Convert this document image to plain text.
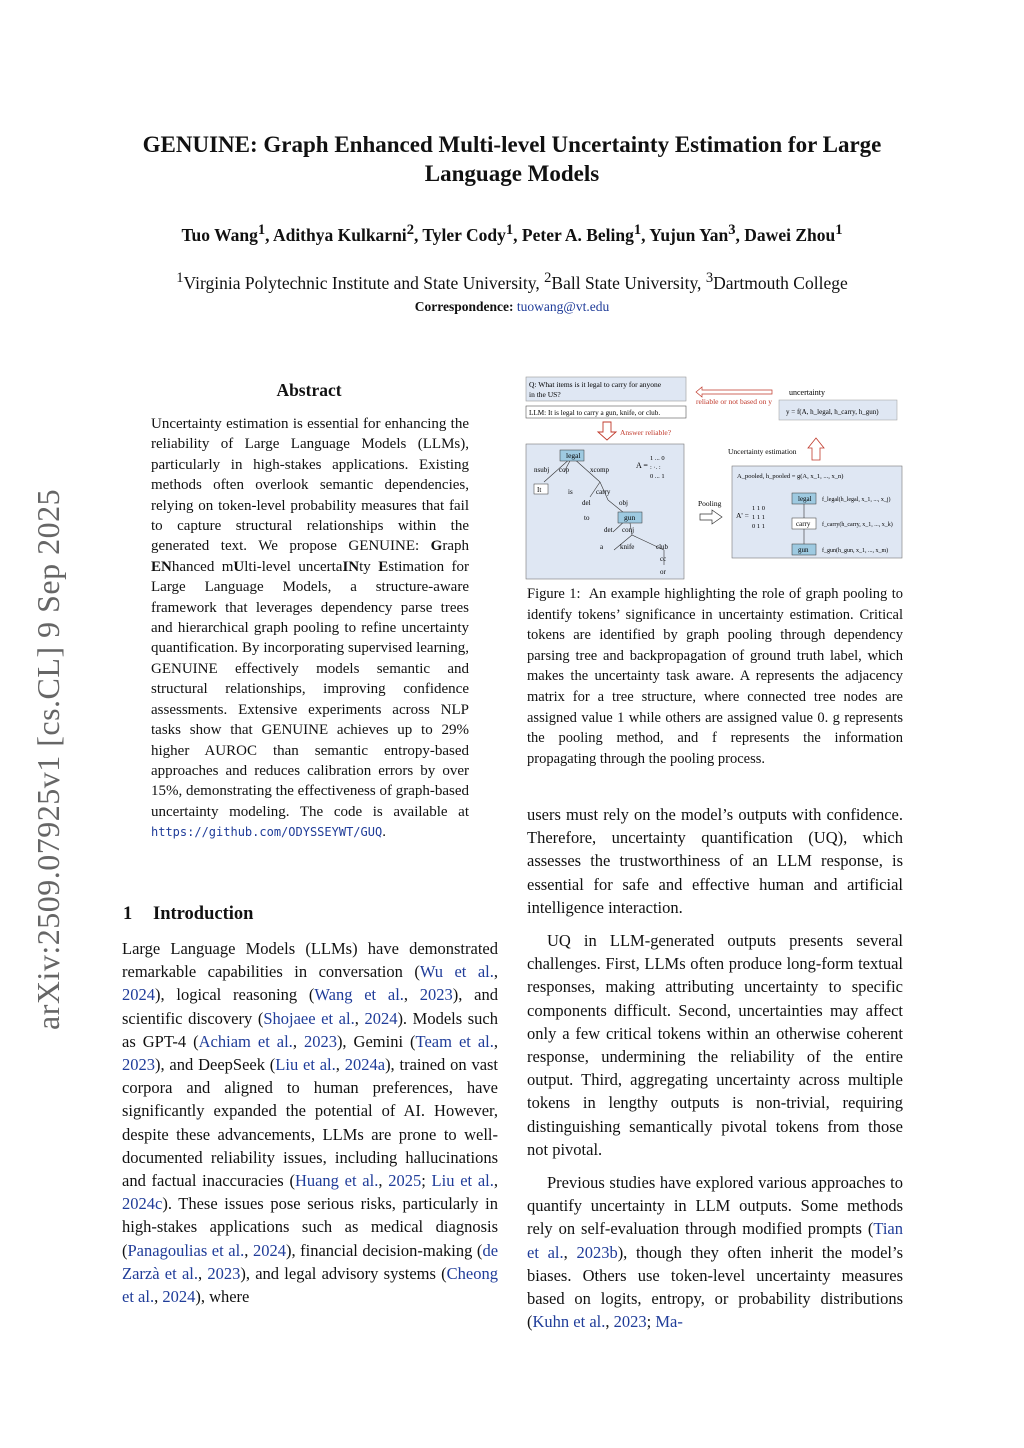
arXiv:2509.07925v1 [cs.CL] 9 Sep 2025
GENUINE: Graph Enhanced Multi-level Uncertainty Estimation for Large Language Models
Tuo Wang$^1$, Adithya Kulkarni$^2$, Tyler Cody$^1$, Peter A. Beling$^1$, Yujun Yan$^3$, Dawei Zhou$^1$
$^1$Virginia Polytechnic Institute and State University, $^2$Ball State University, $^3$Dartmouth College
Correspondence: tuowang@vt.edu
Abstract
Uncertainty estimation is essential for enhancing the reliability of Large Language Models (LLMs), particularly in high-stakes applications. Existing methods often overlook semantic dependencies, relying on token-level probability measures that fail to capture structural relationships within the generated text. We propose GENUINE: Graph ENhanced mUlti-level uncertaINty Estimation for Large Language Models, a structure-aware framework that leverages dependency parse trees and hierarchical graph pooling to refine uncertainty quantification. By incorporating supervised learning, GENUINE effectively models semantic and structural relationships, improving confidence assessments. Extensive experiments across NLP tasks show that GENUINE achieves up to 29% higher AUROC than semantic entropy-based approaches and reduces calibration errors by over 15%, demonstrating the effectiveness of graph-based uncertainty modeling. The code is available at https://github.com/ODYSSEYWT/GUQ.
Q: What items is it legal to carry for anyone
in the US?
LLM: It is legal to carry a gun, knife, or club.
Answer reliable?
legal
cop
nsubj	xcomp
It	is	carry
del	obj
to	gun
det conj
a knife	club
cc
or
A =
1 ... 0
: ·. :
0 ... 1
reliable or not based on y
uncertainty
y = f(A, h_legal, h_carry, h_gun)
Uncertainty estimation
Pooling
A_pooled, h_pooled = g(A, x_1, ..., x_n)
A' =
1 1 0
1 1 1
0 1 1
legal
carry
gun
f_legal(h_legal, x_1, ..., x_j)
f_carry(h_carry, x_1, ..., x_k)
f_gun(h_gun, x_1, ..., x_m)
Figure 1: An example highlighting the role of graph pooling to identify tokens’ significance in uncertainty estimation. Critical tokens are identified by graph pooling through dependency parsing tree and backpropagation of ground truth label, which makes the uncertainty task aware. A represents the adjacency matrix for a tree structure, where connected tree nodes are assigned value 1 while others are assigned value 0. g represents the pooling method, and f represents the information propagating through the pooling process.
1 Introduction
Large Language Models (LLMs) have demonstrated remarkable capabilities in conversation (Wu et al., 2024), logical reasoning (Wang et al., 2023), and scientific discovery (Shojaee et al., 2024). Models such as GPT-4 (Achiam et al., 2023), Gemini (Team et al., 2023), and DeepSeek (Liu et al., 2024a), trained on vast corpora and aligned to human preferences, have significantly expanded the potential of AI. However, despite these advancements, LLMs are prone to well-documented reliability issues, including hallucinations and factual inaccuracies (Huang et al., 2025; Liu et al., 2024c). These issues pose serious risks, particularly in high-stakes applications such as medical diagnosis (Panagoulias et al., 2024), financial decision-making (de Zarzà et al., 2023), and legal advisory systems (Cheong et al., 2024), where

users must rely on the model’s outputs with confidence. Therefore, uncertainty quantification (UQ), which assesses the trustworthiness of an LLM response, is essential for safe and effective human and artificial intelligence interaction.

UQ in LLM-generated outputs presents several challenges. First, LLMs often produce long-form textual responses, making attributing uncertainty to specific components difficult. Second, uncertainties may affect only a few critical tokens within an otherwise coherent response, undermining the reliability of the entire output. Third, aggregating uncertainty across multiple tokens in lengthy outputs is non-trivial, requiring distinguishing semantically pivotal tokens from those not pivotal.

Previous studies have explored various approaches to quantify uncertainty in LLM outputs. Some methods rely on self-evaluation through modified prompts (Tian et al., 2023b), though they often inherit the model’s biases. Others use token-level uncertainty measures based on logits, entropy, or probability distributions (Kuhn et al., 2023; Ma-
